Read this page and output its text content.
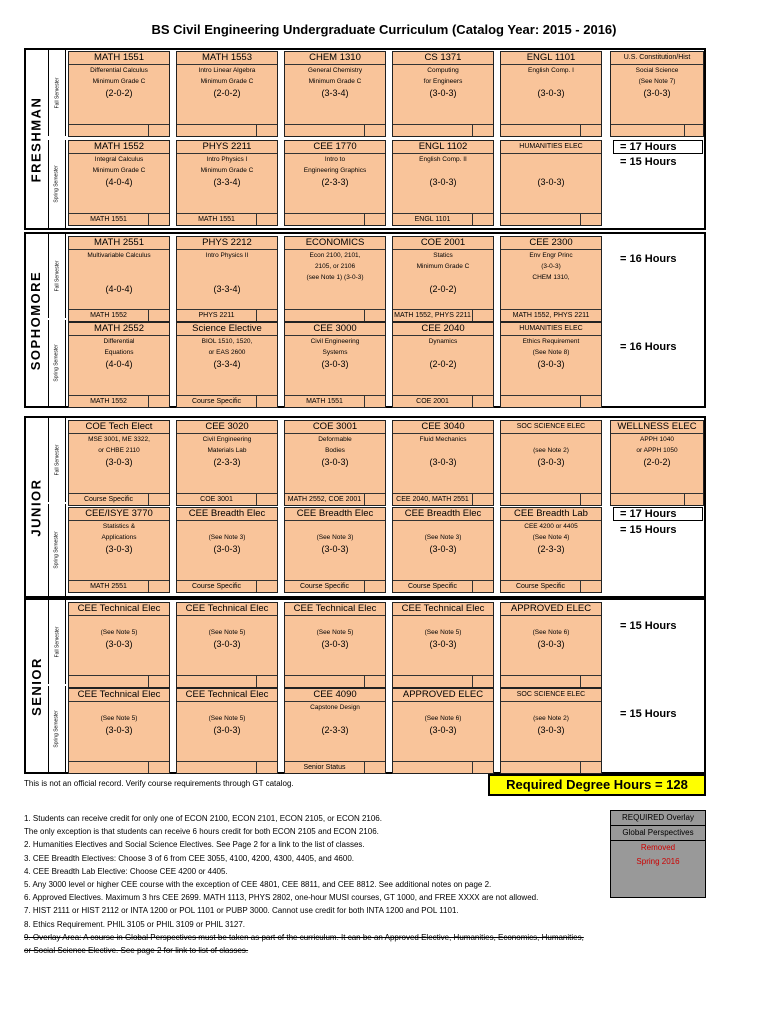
BS Civil Engineering Undergraduate Curriculum (Catalog Year: 2015 - 2016)
FRESHMAN
SOPHOMORE
JUNIOR
SENIOR
Fall Semester
Spring Semester
Fall Semester
Spring Semester
Fall Semester
Spring Semester
Fall Semester
Spring Semester
MATH 1551
Differential Calculus
Minimum Grade C
(2-0-2)
MATH 1553
Intro Linear Algebra
Minimum Grade C
(2-0-2)
CHEM 1310
General Chemistry
Minimum Grade C
(3-3-4)
CS 1371
Computing
for Engineers
(3-0-3)
ENGL 1101
English Comp. I
(3-0-3)
U.S. Constitution/Hist
Social Science
(See Note 7)
(3-0-3)
MATH 1552
Integral Calculus
Minimum Grade C
(4-0-4)
MATH 1551
PHYS 2211
Intro Physics I
Minimum Grade C
(3-3-4)
MATH 1551
CEE 1770
Intro to
Engineering Graphics
(2-3-3)
ENGL 1102
English Comp. II
(3-0-3)
ENGL 1101
HUMANITIES ELEC
(3-0-3)
= 17 Hours
= 15 Hours
MATH 2551
Multivariable Calculus
(4-0-4)
MATH 1552
PHYS 2212
Intro Physics II
(3-3-4)
PHYS 2211
ECONOMICS
Econ 2100, 2101,
2105, or 2106
(see Note 1) (3-0-3)
COE 2001
Statics
Minimum Grade C
(2-0-2)
MATH 1552, PHYS 2211
CEE 2300
Env Engr Princ
(3-0-3)
CHEM 1310,
MATH 1552, PHYS 2211
= 16 Hours
MATH 2552
Differential
Equations
(4-0-4)
MATH 1552
Science Elective
BIOL 1510, 1520,
or EAS 2600
(3-3-4)
Course Specific
CEE 3000
Civil Engineering
Systems
(3-0-3)
MATH 1551
CEE 2040
Dynamics
(2-0-2)
COE 2001
HUMANITIES ELEC
Ethics Requirement
(See Note 8)
(3-0-3)
= 16 Hours
COE Tech Elect
MSE 3001, ME 3322,
or CHBE 2110
(3-0-3)
Course Specific
CEE 3020
Civil Engineering
Materials Lab
(2-3-3)
COE 3001
COE 3001
Deformable
Bodies
(3-0-3)
MATH 2552, COE 2001
CEE 3040
Fluid Mechanics
(3-0-3)
CEE 2040, MATH 2551
SOC SCIENCE ELEC
(see Note 2)
(3-0-3)
WELLNESS ELEC
APPH 1040
or APPH 1050
(2-0-2)
CEE/ISYE 3770
Statistics &
Applications
(3-0-3)
MATH 2551
CEE Breadth Elec
(See Note 3)
(3-0-3)
Course Specific
CEE Breadth Elec
(See Note 3)
(3-0-3)
Course Specific
CEE Breadth Elec
(See Note 3)
(3-0-3)
Course Specific
CEE Breadth Lab
CEE 4200 or 4405
(See Note 4)
(2-3-3)
Course Specific
= 17 Hours
= 15 Hours
CEE Technical Elec
(See Note 5)
(3-0-3)
CEE Technical Elec
(See Note 5)
(3-0-3)
CEE Technical Elec
(See Note 5)
(3-0-3)
CEE Technical Elec
(See Note 5)
(3-0-3)
APPROVED ELEC
(See Note 6)
(3-0-3)
= 15 Hours
CEE Technical Elec
(See Note 5)
(3-0-3)
CEE Technical Elec
(See Note 5)
(3-0-3)
CEE 4090
Capstone Design
(2-3-3)
Senior Status
APPROVED ELEC
(See Note 6)
(3-0-3)
SOC SCIENCE ELEC
(see Note 2)
(3-0-3)
= 15 Hours
This is not an official record. Verify course requirements through GT catalog.	Required Degree Hours = 128
1. Students can receive credit for only one of ECON 2100, ECON 2101, ECON 2105, or ECON 2106.
The only exception is that students can receive 6 hours credit for both ECON 2105 and ECON 2106.
2. Humanities Electives and Social Science Electives. See Page 2 for a link to the list of classes.
3. CEE Breadth Electives: Choose 3 of 6 from CEE 3055, 4100, 4200, 4300, 4405, and 4600.
4. CEE Breadth Lab Elective: Choose CEE 4200 or 4405.
5. Any 3000 level or higher CEE course with the exception of CEE 4801, CEE 8811, and CEE 8812. See additional notes on page 2.
6. Approved Electives. Maximum 3 hrs CEE 2699. MATH 1113, PHYS 2802, one-hour MUSI courses, GT 1000, and FREE XXXX are not allowed.
7. HIST 2111 or HIST 2112 or INTA 1200 or POL 1101 or PUBP 3000. Cannot use credit for both INTA 1200 and POL 1101.
8. Ethics Requirement. PHIL 3105 or PHIL 3109 or PHIL 3127.
9. Overlay Area: A course in Global Perspectives must be taken as part of the curriculum. It can be an Approved Elective, Humanities, Economics, Humanities,
or Social Science Elective. See page 2 for link to list of classes.
REQUIRED Overlay
Global Perspectives
Removed
Spring 2016
